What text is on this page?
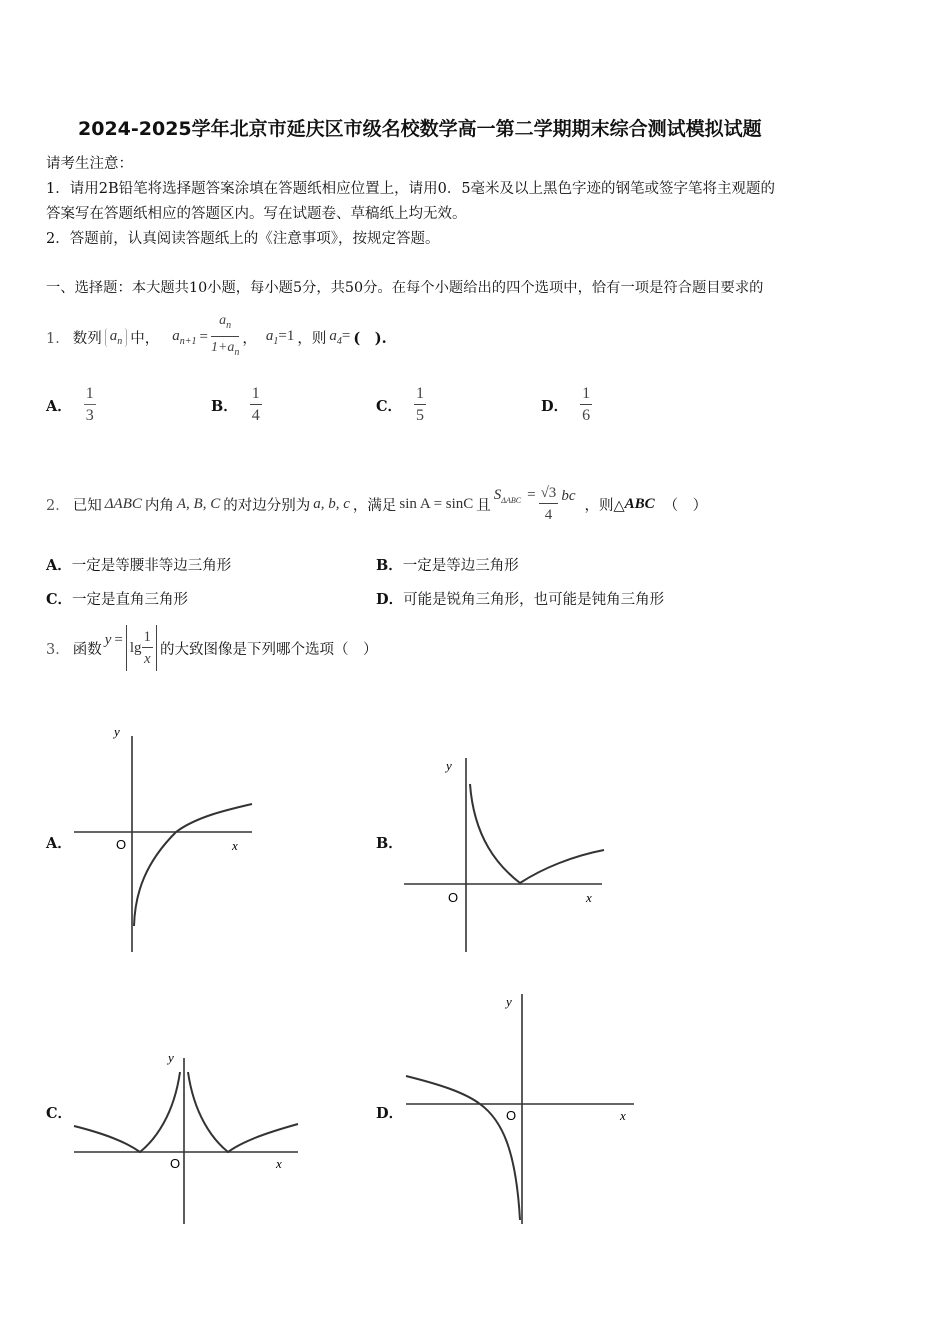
2024-2025学年北京市延庆区市级名校数学高一第二学期期末综合测试模拟试题
请考生注意：
1．请用2B铅笔将选择题答案涂填在答题纸相应位置上，请用0．5毫米及以上黑色字迹的钢笔或签字笔将主观题的
答案写在答题纸相应的答题区内。写在试题卷、草稿纸上均无效。
2．答题前，认真阅读答题纸上的《注意事项》，按规定答题。
一、选择题：本大题共10小题，每小题5分，共50分。在每个小题给出的四个选项中，恰有一项是符合题目要求的
1． 数列 $a_n$ 中， $a_{n+1} = \frac{a_n}{1+a_n}$ ， $a_1=1$ ，则 $a_4=$ (　).
A． $\frac{1}{3}$	B． $\frac{1}{4}$	C． $\frac{1}{5}$	D． $\frac{1}{6}$
2． 已知 ΔABC 内角 A, B, C 的对边分别为 a, b, c ，满足 sin A = sinC 且
$S_{\Delta ABC} = \frac{√3}{4}$ bc
，则△ ABC （　）
A．一定是等腰非等边三角形	B．一定是等边三角形
C．一定是直角三角形	D．可能是锐角三角形，也可能是钝角三角形
3． 函数
$y = \lg \frac{1}{x}$ 的大致图像是下列哪个选项（　）
A．	B．
C．	D．
y
x
O
y
x
O
y
x
O
y
x
O
